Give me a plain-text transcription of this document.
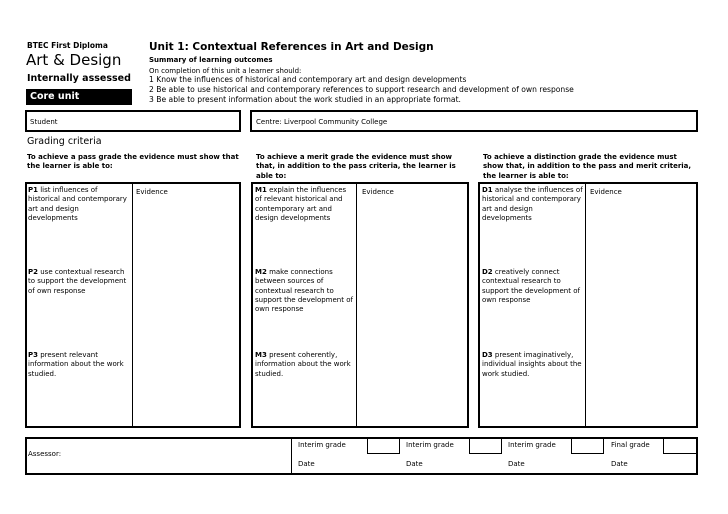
BTEC First Diploma
Art & Design
Internally assessed
Core unit
Unit 1: Contextual References in Art and Design
Summary of learning outcomes
On completion of this unit a learner should:
1 Know the influences of historical and contemporary art and design developments
2 Be able to use historical and contemporary references to support research and development of own response
3 Be able to present information about the work studied in an appropriate format.
Student	Centre: Liverpool Community College
Grading criteria
To achieve a pass grade the evidence must show that the learner is able to:
To achieve a merit grade the evidence must show that, in addition to the pass criteria, the learner is able to:
To achieve a distinction grade the evidence must show that, in addition to the pass and merit criteria, the learner is able to:
Evidence	Evidence	Evidence
P1 list influences of historical and contemporary art and design developments
P2 use contextual research to support the development of own response
P3 present relevant information about the work studied.
M1 explain the influences of relevant historical and contemporary art and design developments
M2 make connections between sources of contextual research to support the development of own response
M3 present coherently, information about the work studied.
D1 analyse the influences of historical and contemporary art and design developments
D2 creatively connect contextual research to support the development of own response
D3 present imaginatively, individual insights about the work studied.
Assessor:
Interim grade
Date
Interim grade
Date
Interim grade
Date
Final grade
Date
